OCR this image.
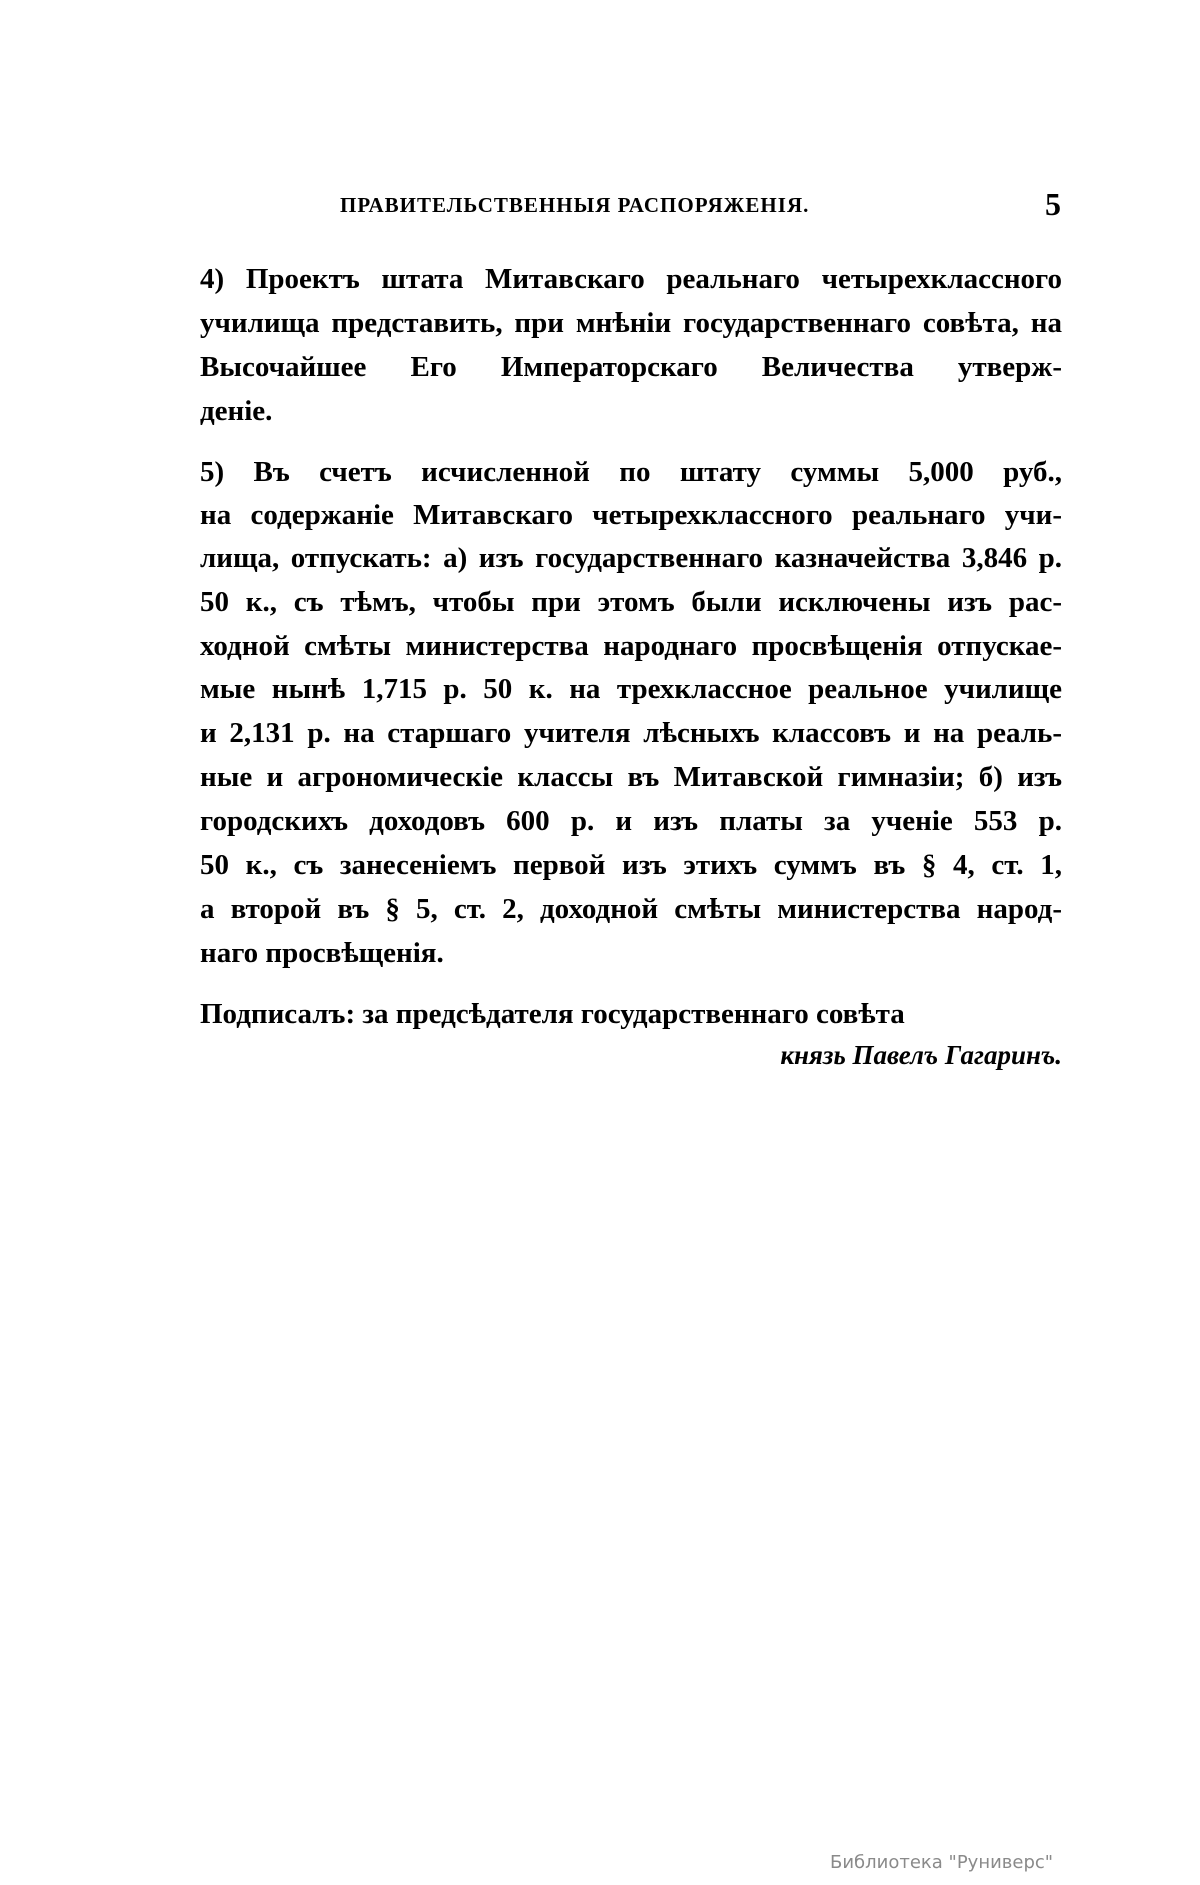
ПРАВИТЕЛЬСТВЕННЫЯ РАСПОРЯЖЕНІЯ.	5
4) Проектъ штата Митавскаго реальнаго четырехклассного
училища представить, при мнѣніи государственнаго совѣта, на
Высочайшее Его Императорскаго Величества утверж-
деніе.
5) Въ счетъ исчисленной по штату суммы 5,000 руб.,
на содержаніе Митавскаго четырехклассного реальнаго учи-
лища, отпускать: а) изъ государственнаго казначейства 3,846 р.
50 к., съ тѣмъ, чтобы при этомъ были исключены изъ рас-
ходной смѣты министерства народнаго просвѣщенія отпускае-
мые нынѣ 1,715 р. 50 к. на трехклассное реальное училище
и 2,131 р. на старшаго учителя лѣсныхъ классовъ и на реаль-
ные и агрономическіе классы въ Митавской гимназіи; б) изъ
городскихъ доходовъ 600 р. и изъ платы за ученіе 553 р.
50 к., съ занесеніемъ первой изъ этихъ суммъ въ § 4, ст. 1,
а второй въ § 5, ст. 2, доходной смѣты министерства народ-
наго просвѣщенія.
Подписалъ: за предсѣдателя государственнаго совѣта
князь Павелъ Гагаринъ.
Библиотека "Руниверс"
